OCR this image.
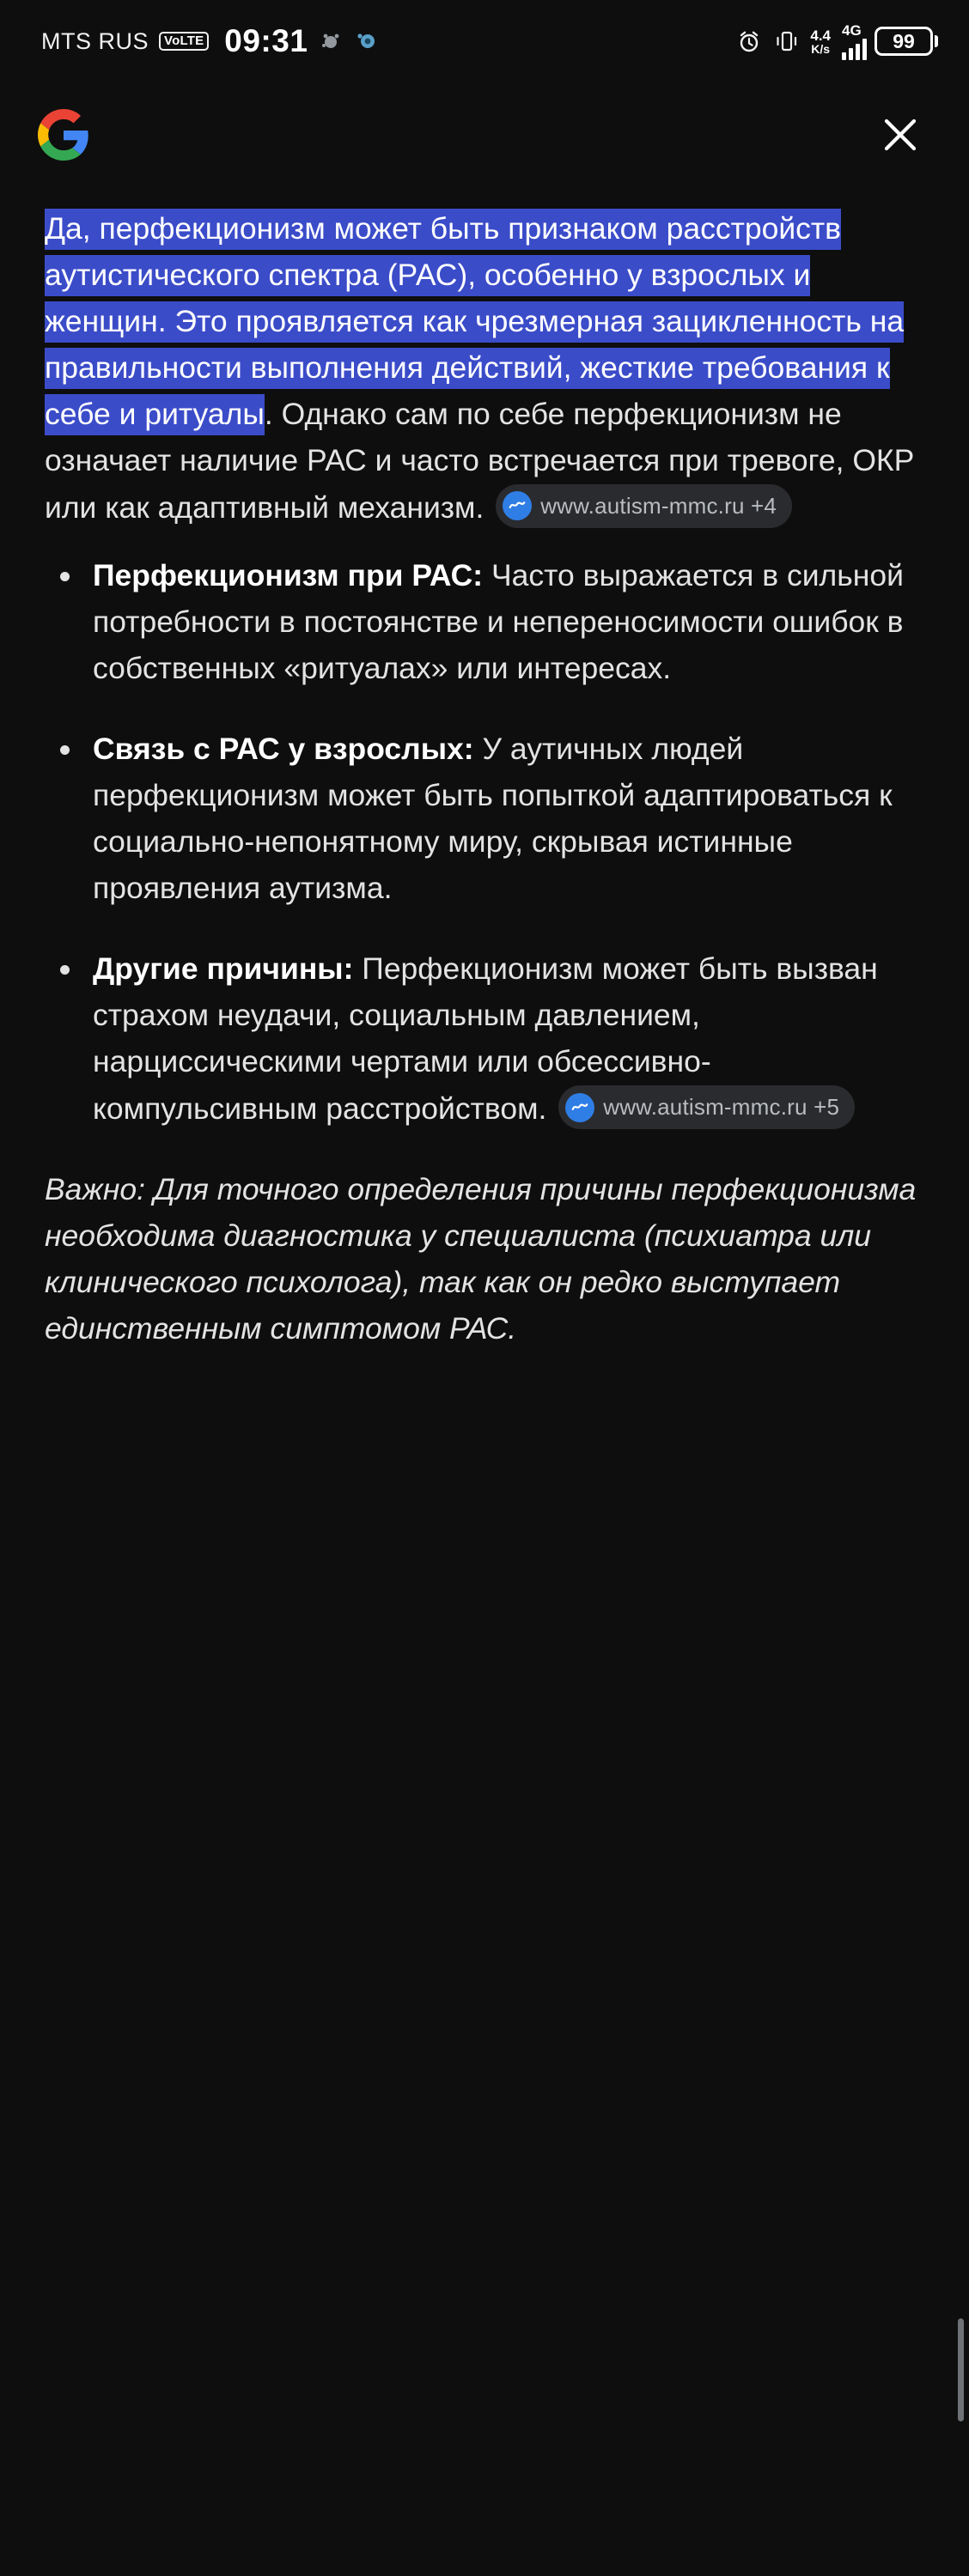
MTS RUS	VoLTE 09:31	4.4
K/s
4G	99

Да, перфекционизм может быть признаком расстройств аутистического спектра (РАС), особенно у взрослых и женщин. Это проявляется как чрезмерная зацикленность на правильности выполнения действий, жесткие требования к себе и ритуалы. Однако сам по себе перфекционизм не означает наличие РАС и часто встречается при тревоге, ОКР или как адаптивный механизм. www.autism-mmc.ru +4

Перфекционизм при РАС: Часто выражается в сильной потребности в постоянстве и непереносимости ошибок в собственных «ритуалах» или интересах.
Связь с РАС у взрослых: У аутичных людей перфекционизм может быть попыткой адаптироваться к социально-непонятному миру, скрывая истинные проявления аутизма.
Другие причины: Перфекционизм может быть вызван страхом неудачи, социальным давлением, нарциссическими чертами или обсессивно-компульсивным расстройством. www.autism-mmc.ru +5

Важно: Для точного определения причины перфекционизма необходима диагностика у специалиста (психиатра или клинического психолога), так как он редко выступает единственным симптомом РАС.
